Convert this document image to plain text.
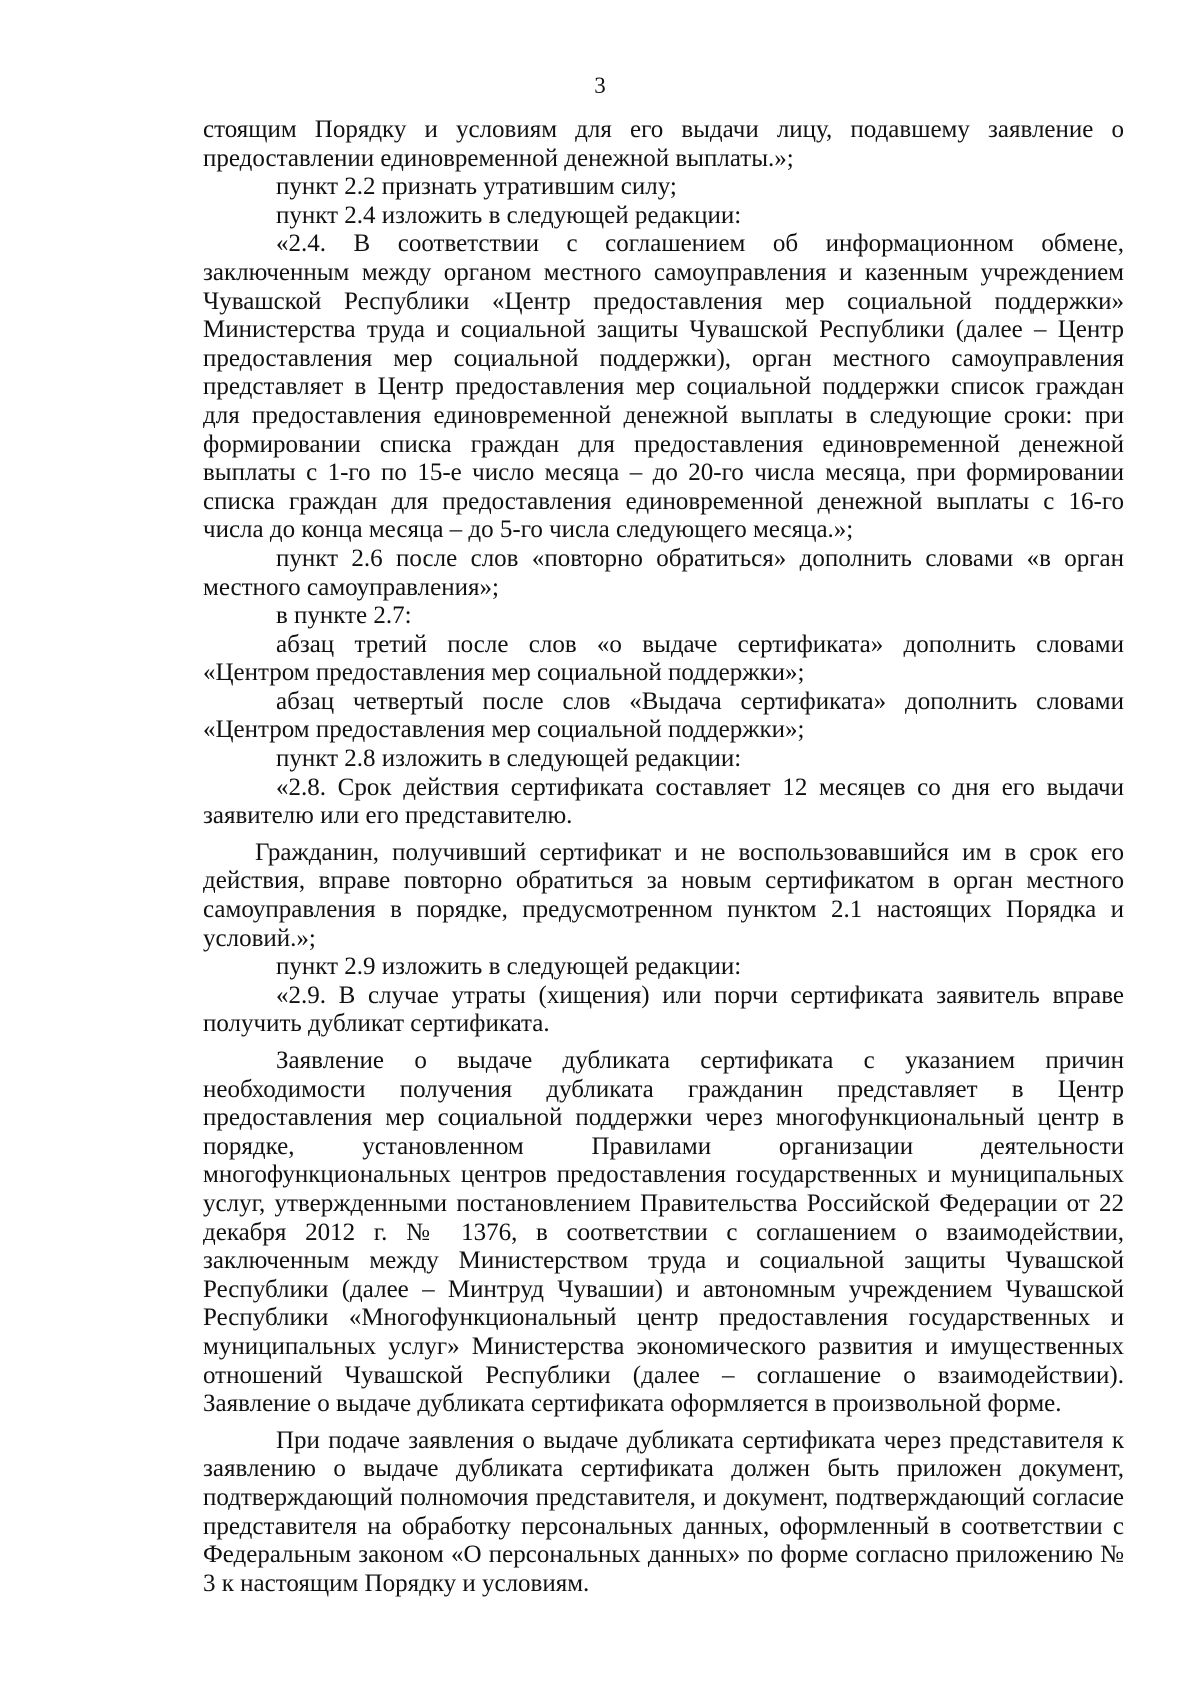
3

стоящим Порядку и условиям для его выдачи лицу, подавшему заявление о предоставлении единовременной денежной выплаты.»;

пункт 2.2 признать утратившим силу;

пункт 2.4 изложить в следующей редакции:

«2.4. В соответствии с соглашением об информационном обмене, заключенным между органом местного самоуправления и казенным учреждением Чувашской Республики «Центр предоставления мер социальной поддержки» Министерства труда и социальной защиты Чувашской Республики (далее – Центр предоставления мер социальной поддержки), орган местного самоуправления представляет в Центр предоставления мер социальной поддержки список граждан для предоставления единовременной денежной выплаты в следующие сроки: при формировании списка граждан для предоставления единовременной денежной выплаты с 1-го по 15-е число месяца – до 20-го числа месяца, при формировании списка граждан для предоставления единовременной денежной выплаты с 16-го числа до конца месяца – до 5-го числа следующего месяца.»;

пункт 2.6 после слов «повторно обратиться» дополнить словами «в орган местного самоуправления»;

в пункте 2.7:

абзац третий после слов «о выдаче сертификата» дополнить словами «Центром предоставления мер социальной поддержки»;

абзац четвертый после слов «Выдача сертификата» дополнить словами «Центром предоставления мер социальной поддержки»;

пункт 2.8 изложить в следующей редакции:

«2.8. Срок действия сертификата составляет 12 месяцев со дня его выдачи заявителю или его представителю.

Гражданин, получивший сертификат и не воспользовавшийся им в срок его действия, вправе повторно обратиться за новым сертификатом в орган местного самоуправления в порядке, предусмотренном пунктом 2.1 настоящих Порядка и условий.»;

пункт 2.9 изложить в следующей редакции:

«2.9. В случае утраты (хищения) или порчи сертификата заявитель вправе получить дубликат сертификата.

Заявление о выдаче дубликата сертификата с указанием причин необходимости получения дубликата гражданин представляет в Центр предоставления мер социальной поддержки через многофункциональный центр в порядке, установленном Правилами организации деятельности многофункциональных центров предоставления государственных и муниципальных услуг, утвержденными постановлением Правительства Российской Федерации от 22 декабря 2012 г. № 1376, в соответствии с соглашением о взаимодействии, заключенным между Министерством труда и социальной защиты Чувашской Республики (далее – Минтруд Чувашии) и автономным учреждением Чувашской Республики «Многофункциональный центр предоставления государственных и муниципальных услуг» Министерства экономического развития и имущественных отношений Чувашской Республики (далее – соглашение о взаимодействии). Заявление о выдаче дубликата сертификата оформляется в произвольной форме.

При подаче заявления о выдаче дубликата сертификата через представителя к заявлению о выдаче дубликата сертификата должен быть приложен документ, подтверждающий полномочия представителя, и документ, подтверждающий согласие представителя на обработку персональных данных, оформленный в соответствии с Федеральным законом «О персональных данных» по форме согласно приложению № 3 к настоящим Порядку и условиям.
